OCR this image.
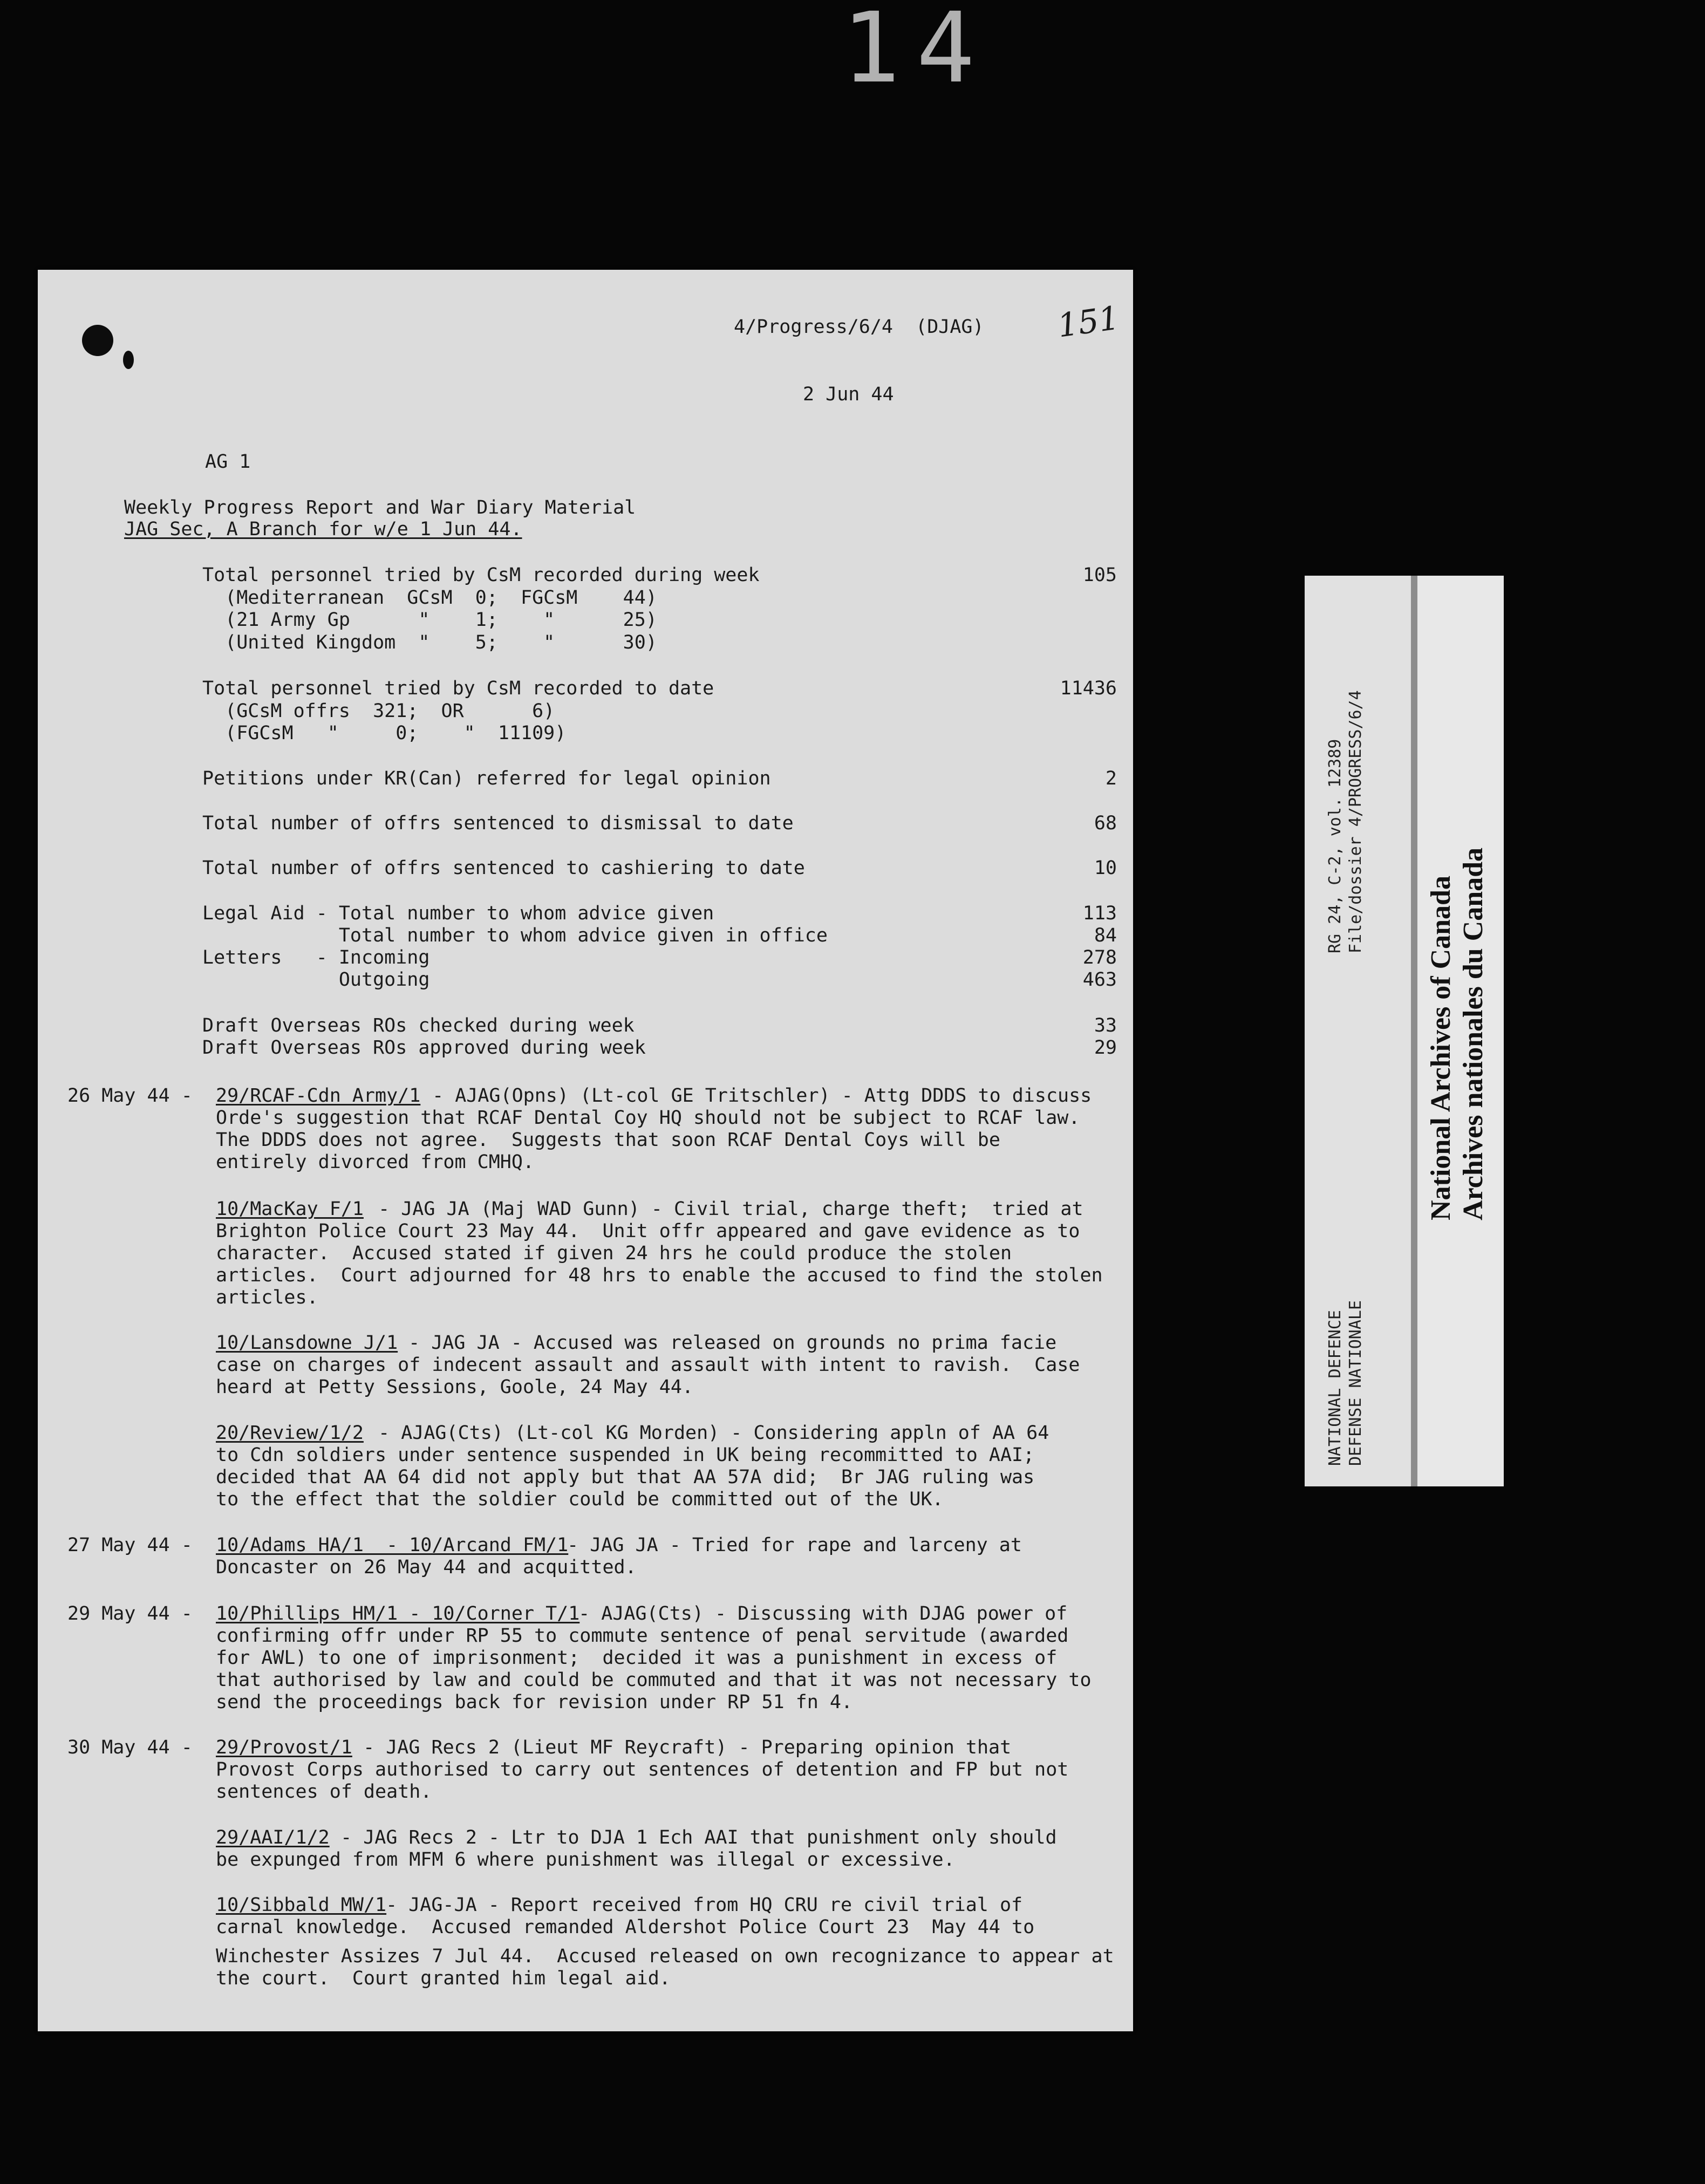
14
4/Progress/6/4  (DJAG) 151
2 Jun 44
AG 1
Weekly Progress Report and War Diary Material
JAG Sec, A Branch for w/e 1 Jun 44.
Total personnel tried by CsM recorded during week	105
(Mediterranean  GCsM  0;  FGCsM    44)
(21 Army Gp      "    1;    "      25)
(United Kingdom  "    5;    "      30)
Total personnel tried by CsM recorded to date	11436
(GCsM offrs  321;  OR      6)
(FGCsM   "     0;    "  11109)
Petitions under KR(Can) referred for legal opinion	2
Total number of offrs sentenced to dismissal to date	68
Total number of offrs sentenced to cashiering to date	10
Legal Aid - Total number to whom advice given	113
Total number to whom advice given in office	84
Letters   - Incoming	278
Outgoing	463
Draft Overseas ROs checked during week	33
Draft Overseas ROs approved during week	29
26 May 44 - 29/RCAF-Cdn Army/1 - AJAG(Opns) (Lt-col GE Tritschler) - Attg DDDS to discuss
Orde's suggestion that RCAF Dental Coy HQ should not be subject to RCAF law.
The DDDS does not agree.  Suggests that soon RCAF Dental Coys will be
entirely divorced from CMHQ.
10/MacKay F/1 - JAG JA (Maj WAD Gunn) - Civil trial, charge theft;  tried at
Brighton Police Court 23 May 44.  Unit offr appeared and gave evidence as to
character.  Accused stated if given 24 hrs he could produce the stolen
articles.  Court adjourned for 48 hrs to enable the accused to find the stolen
articles.
10/Lansdowne J/1
- JAG JA - Accused was released on grounds no prima facie
case on charges of indecent assault and assault with intent to ravish.  Case
heard at Petty Sessions, Goole, 24 May 44.
20/Review/1/2 - AJAG(Cts) (Lt-col KG Morden) - Considering appln of AA 64
to Cdn soldiers under sentence suspended in UK being recommitted to AAI;
decided that AA 64 did not apply but that AA 57A did;  Br JAG ruling was
to the effect that the soldier could be committed out of the UK.
27 May 44 - 10/Adams HA/1  - 10/Arcand FM/1
- JAG JA - Tried for rape and larceny at
Doncaster on 26 May 44 and acquitted.
29 May 44 - 10/Phillips HM/1 - 10/Corner T/1
- AJAG(Cts) - Discussing with DJAG power of
confirming offr under RP 55 to commute sentence of penal servitude (awarded
for AWL) to one of imprisonment;  decided it was a punishment in excess of
that authorised by law and could be commuted and that it was not necessary to
send the proceedings back for revision under RP 51 fn 4.
30 May 44 - 29/Provost/1 - JAG Recs 2 (Lieut MF Reycraft) - Preparing opinion that
Provost Corps authorised to carry out sentences of detention and FP but not
sentences of death.
29/AAI/1/2 - JAG Recs 2 - Ltr to DJA 1 Ech AAI that punishment only should
be expunged from MFM 6 where punishment was illegal or excessive.
10/Sibbald MW/1
- JAG-JA - Report received from HQ CRU re civil trial of
carnal knowledge.  Accused remanded Aldershot Police Court 23  May 44 to
Winchester Assizes 7 Jul 44.  Accused released on own recognizance to appear at
the court.  Court granted him legal aid.
RG 24, C-2, vol. 12389 File/dossier 4/PROGRESS/6/4
NATIONAL DEFENCE DEFENSE NATIONALE
National Archives of Canada Archives nationales du Canada
